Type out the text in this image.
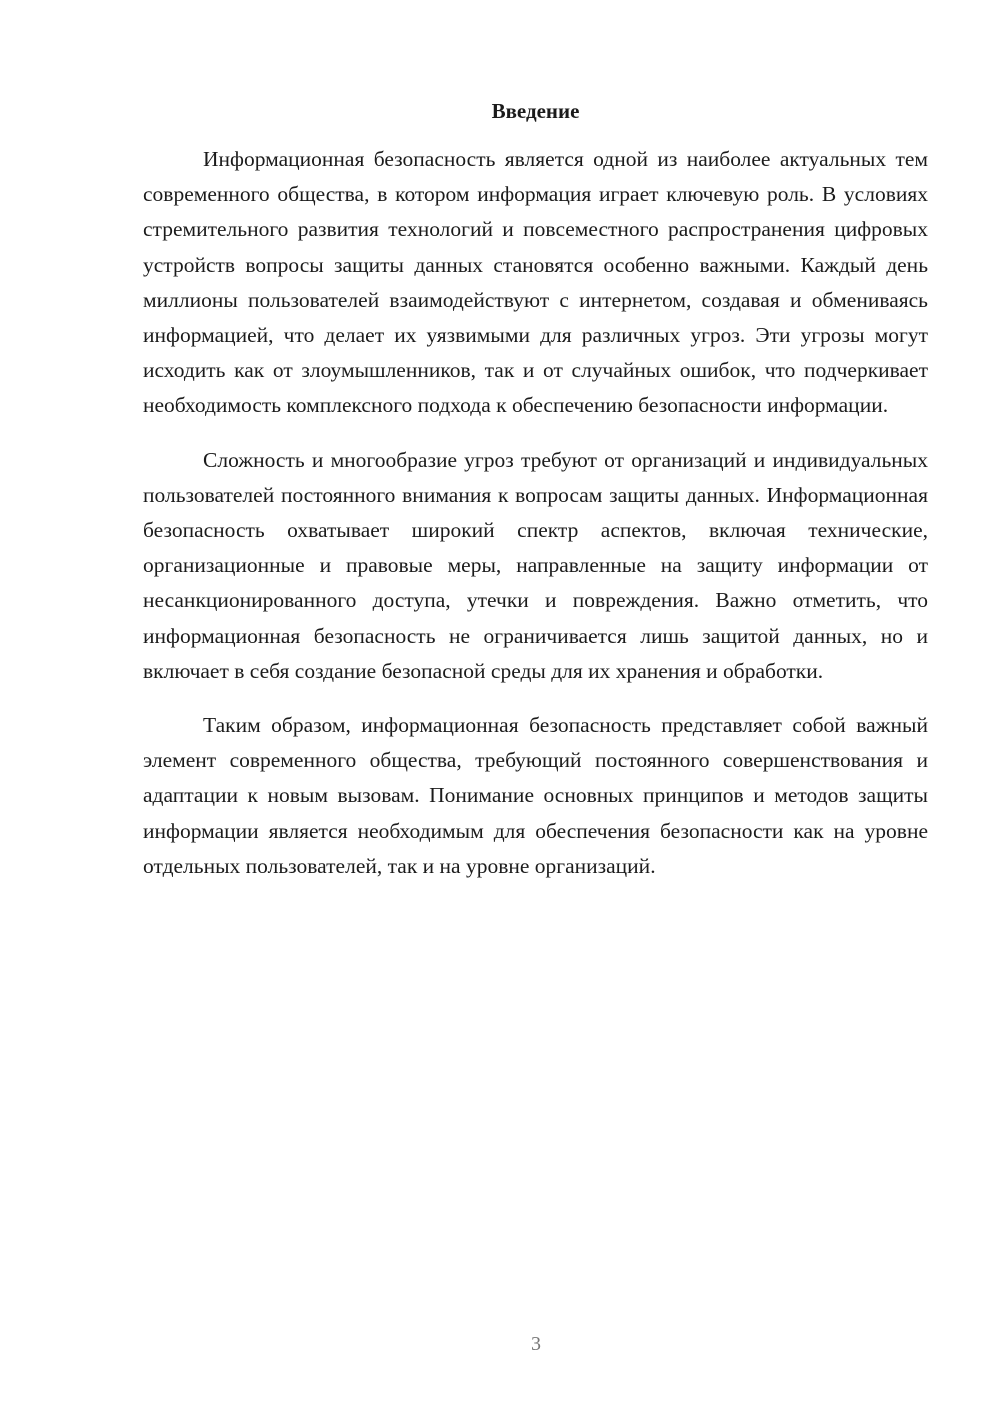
Введение

Информационная безопасность является одной из наиболее актуальных тем современного общества, в котором информация играет ключевую роль. В условиях стремительного развития технологий и повсеместного распространения цифровых устройств вопросы защиты данных становятся особенно важными. Каждый день миллионы пользователей взаимодействуют с интернетом, создавая и обмениваясь информацией, что делает их уязвимыми для различных угроз. Эти угрозы могут исходить как от злоумышленников, так и от случайных ошибок, что подчеркивает необходимость комплексного подхода к обеспечению безопасности информации.

Сложность и многообразие угроз требуют от организаций и индивидуальных пользователей постоянного внимания к вопросам защиты данных. Информационная безопасность охватывает широкий спектр аспектов, включая технические, организационные и правовые меры, направленные на защиту информации от несанкционированного доступа, утечки и повреждения. Важно отметить, что информационная безопасность не ограничивается лишь защитой данных, но и включает в себя создание безопасной среды для их хранения и обработки.

Таким образом, информационная безопасность представляет собой важный элемент современного общества, требующий постоянного совершенствования и адаптации к новым вызовам. Понимание основных принципов и методов защиты информации является необходимым для обеспечения безопасности как на уровне отдельных пользователей, так и на уровне организаций.

3
